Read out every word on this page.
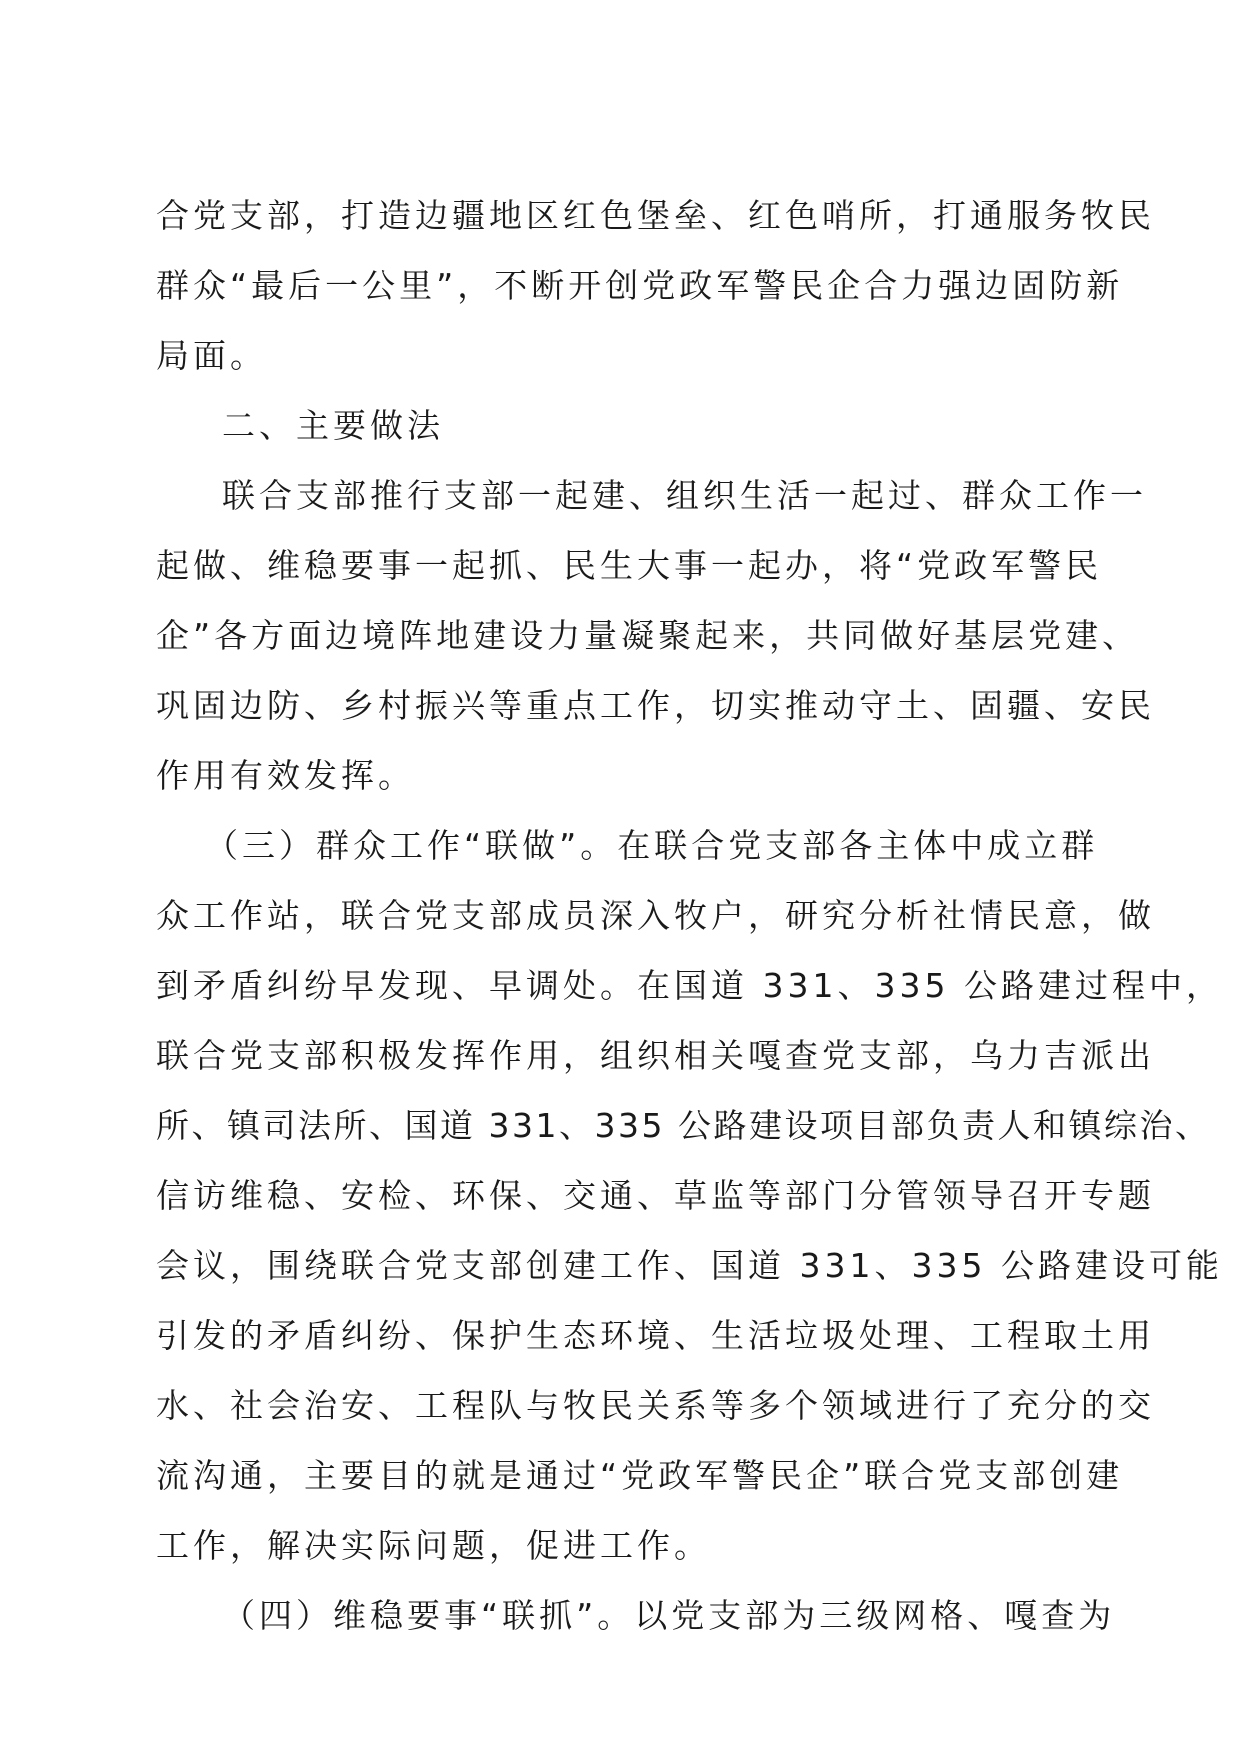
合党支部，打造边疆地区红色堡垒、红色哨所，打通服务牧民
群众“最后一公里”，不断开创党政军警民企合力强边固防新
局面。
二、主要做法
联合支部推行支部一起建、组织生活一起过、群众工作一
起做、维稳要事一起抓、民生大事一起办，将“党政军警民
企”各方面边境阵地建设力量凝聚起来，共同做好基层党建、
巩固边防、乡村振兴等重点工作，切实推动守土、固疆、安民
作用有效发挥。
（三）群众工作“联做”。在联合党支部各主体中成立群
众工作站，联合党支部成员深入牧户，研究分析社情民意，做
到矛盾纠纷早发现、早调处。在国道 331、335 公路建过程中，
联合党支部积极发挥作用，组织相关嘎查党支部，乌力吉派出
所、镇司法所、国道 331、335 公路建设项目部负责人和镇综治、
信访维稳、安检、环保、交通、草监等部门分管领导召开专题
会议，围绕联合党支部创建工作、国道 331、335 公路建设可能
引发的矛盾纠纷、保护生态环境、生活垃圾处理、工程取土用
水、社会治安、工程队与牧民关系等多个领域进行了充分的交
流沟通，主要目的就是通过“党政军警民企”联合党支部创建
工作，解决实际问题，促进工作。
（四）维稳要事“联抓”。以党支部为三级网格、嘎查为
